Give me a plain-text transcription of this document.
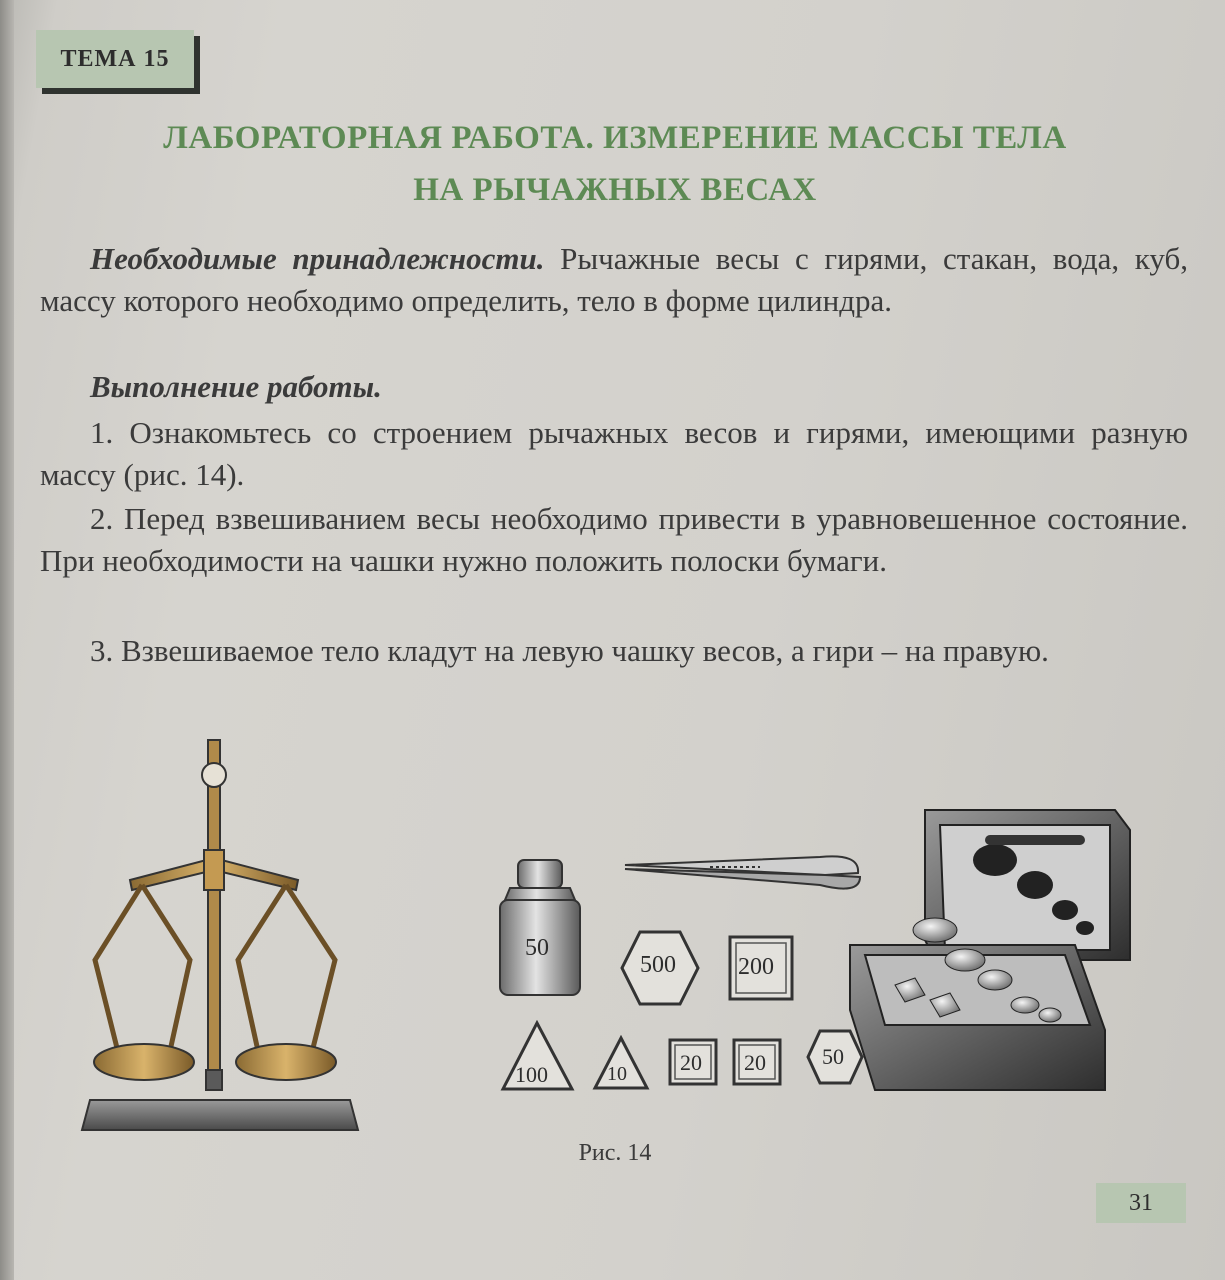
ТЕМА 15
ЛАБОРАТОРНАЯ РАБОТА. ИЗМЕРЕНИЕ МАССЫ ТЕЛА
НА РЫЧАЖНЫХ ВЕСАХ
Необходимые принадлежности. Рычажные весы с гирями, стакан, вода, куб, массу которого необходимо определить, тело в форме цилиндра.
Выполнение работы.
1. Ознакомьтесь со строением рычажных весов и гирями, имеющими разную массу (рис. 14).
2. Перед взвешиванием весы необходимо привести в уравновешенное состояние. При необходимости на чашки нужно положить полоски бумаги.
3. Взвешиваемое тело кладут на левую чашку весов, а гири – на правую.
50
500	200
100	10 20 20	50
Рис. 14
31
